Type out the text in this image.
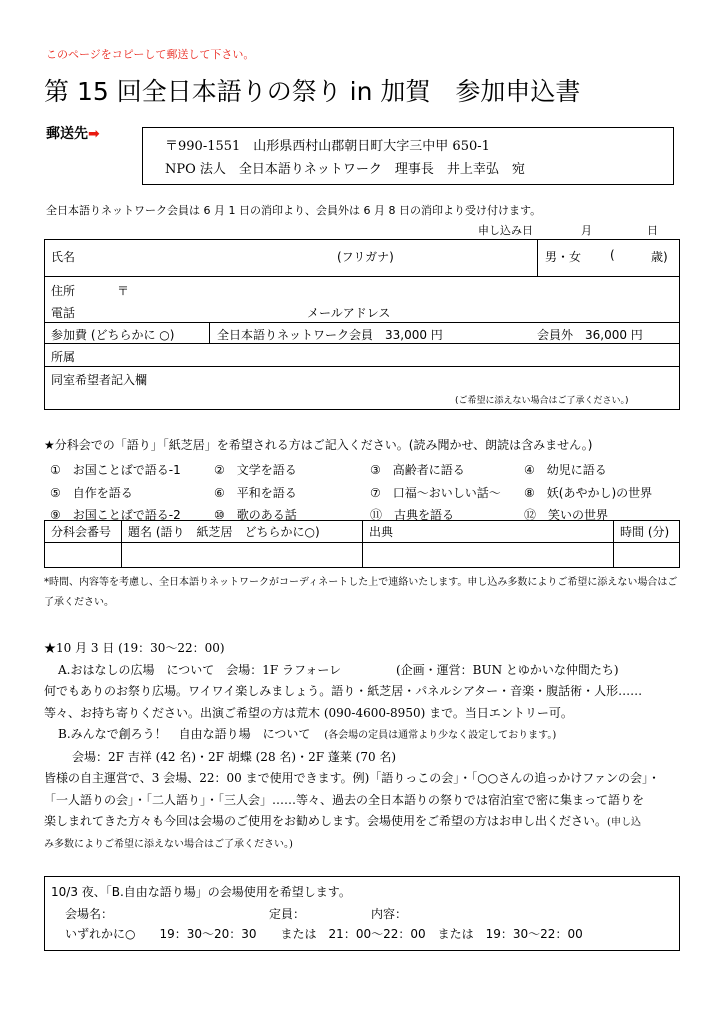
このページをコピーして郵送して下さい。
第 15 回全日本語りの祭り in 加賀　参加申込書
郵送先➡
〒990-1551　山形県西村山郡朝日町大字三中甲 650-1
NPO 法人　全日本語りネットワーク　理事長　井上幸弘　宛
全日本語りネットワーク会員は 6 月 1 日の消印より、会員外は 6 月 8 日の消印より受け付けます。
申し込み日	月	日
氏名	(フリガナ)	男・女 (	歳)
住所	〒
電話	メールアドレス
参加費 (どちらかに ○)	全日本語りネットワーク会員　33,000 円	会員外　36,000 円
所属
同室希望者記入欄
(ご希望に添えない場合はご了承ください。)
★分科会での「語り」「紙芝居」を希望される方はご記入ください。(読み聞かせ、朗読は含みません。)
①　お国ことばで語る-1	②　文学を語る	③　高齢者に語る	④　幼児に語る
⑤　自作を語る	⑥　平和を語る	⑦　口福～おいしい話～ ⑧　妖(あやかし)の世界
⑨　お国ことばで語る-2	⑩　歌のある話	⑪　古典を語る	⑫　笑いの世界
分科会番号	題名 (語り　紙芝居　どちらかに○)	出典	時間 (分)

*時間、内容等を考慮し、全日本語りネットワークがコーディネートした上で連絡いたします。申し込み多数によりご希望に添えない場合はご了承ください。
★10 月 3 日 (19：30～22：00)
A.おはなしの広場　について　会場：1F ラフォーレ	(企画・運営：BUN とゆかいな仲間たち)
何でもありのお祭り広場。ワイワイ楽しみましょう。語り・紙芝居・パネルシアター・音楽・腹話術・人形……
等々、お持ち寄りください。出演ご希望の方は荒木 (090-4600-8950) まで。当日エントリー可。
B.みんなで創ろう！　自由な語り場　について (各会場の定員は通常より少なく設定しております。)
会場：2F 吉祥 (42 名)・2F 胡蝶 (28 名)・2F 蓬莱 (70 名)
皆様の自主運営で、3 会場、22：00 まで使用できます。例)「語りっこの会」・「○○さんの追っかけファンの会」・
「一人語りの会」・「二人語り」・「三人会」……等々、過去の全日本語りの祭りでは宿泊室で密に集まって語りを
楽しまれてきた方々も今回は会場のご使用をお勧めします。会場使用をご希望の方はお申し出ください。(申し込
み多数によりご希望に添えない場合はご了承ください。)
10/3 夜、「B.自由な語り場」の会場使用を希望します。
会場名：	定員：	内容：
いずれかに○　　19：30～20：30　　または　21：00～22：00　または　19：30～22：00
